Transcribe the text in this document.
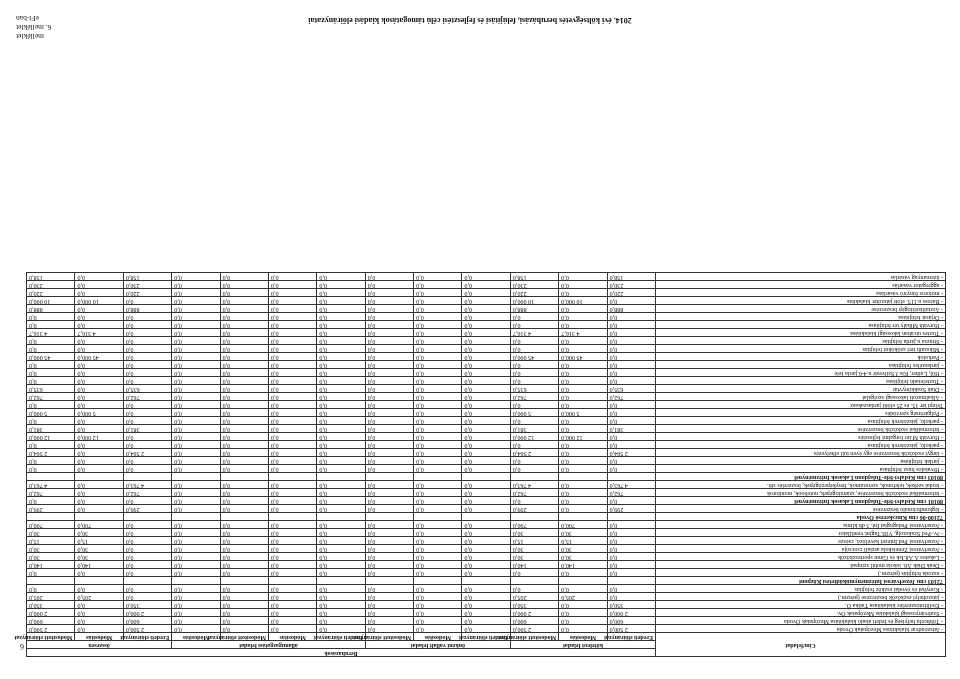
2014. évi költségvetés beruházási, felújítási és fejlesztési célú támogatások kiadási előirányzatai
melléklet
6. melléklet
eFt-ban
6	Cím/feladat	Beruházások												
	kötelező feladat			önként vállalt feladat			államigazgatási feladat				összesen		
	Eredeti előirányzat	Módosítás	Módosított előirányzat	Eredeti előirányzat	Módosítás	Módosított előirányzat	Eredeti előirányzat	Módosítás	Módosított előirányzat	Módosítás	Eredeti előirányzat	Módosítás	Módosított előirányzat
- Játszóudvar kialakítása Mezőpatak Óvoda	2 500,0	0,0	2 500,0	0,0	0,0	0,0	0,0	0,0	0,0	0,0	2 500,0	0,0	2 500,0
- Többcélú helyiség és fedett átadó kialakítása Mezőpatak Óvoda	600,0	0,0	600,0	0,0	0,0	0,0	0,0	0,0	0,0	0,0	600,0	0,0	600,0
- Szabványossági kialakítás Mezőpatak Óv.	2 000,0	0,0	2 000,0	0,0	0,0	0,0	0,0	0,0	0,0	0,0	2 000,0	0,0	2 000,0
- Étellifutószerelés kialakítása Tátika Ó.	350,0	0,0	350,0	0,0	0,0	0,0	0,0	0,0	0,0	0,0	350,0	0,0	350,0
- játszóhelyi eszközök beszerzése (pénzm.)	0,0	205,0	205,0	0,0	0,0	0,0	0,0	0,0	0,0	0,0	0,0	205,0	205,0
- Konyhai és óvodai eszköz felújítás	0,0	0,0	0,0	0,0	0,0	0,0	0,0	0,0	0,0	0,0	0,0	0,0	0,0
72103 cím Józsefvárosi Intézményműködtetési Központ													
- uszoda felújítás (pénzm.)	0,0	0,0	0,0	0,0	0,0	0,0	0,0	0,0	0,0	0,0	0,0	0,0	0,0
- Deák Diák Ált. iskola mobil színpad	0,0	140,0	140,0	0,0	0,0	0,0	0,0	0,0	0,0	0,0	0,0	140,0	140,0
- Lakatos A.Ált.Isk és Gimn sporteszközök	0,0	30,0	30,0	0,0	0,0	0,0	0,0	0,0	0,0	0,0	0,0	30,0	30,0
- Józsefvárosi Zeneiskola asztali csocsója	0,0	30,0	30,0	0,0	0,0	0,0	0,0	0,0	0,0	0,0	0,0	30,0	30,0
- Józsefvárosi Ped.Intézet kávéfőző, csésze	0,0	15,0	15,0	0,0	0,0	0,0	0,0	0,0	0,0	0,0	0,0	15,0	15,0
- Jv.-Ped Szakszolg. VIII.Tagint.ventillátor	0,0	30,0	30,0	0,0	0,0	0,0	0,0	0,0	0,0	0,0	0,0	30,0	30,0
- Józsefvárosi Pedagógiai Int. 3 db klíma	0,0	700,0	700,0	0,0	0,0	0,0	0,0	0,0	0,0	0,0	0,0	700,0	700,0
72100-06 cím Kincskereső Óvoda													
- légkondicionáló beszerzése	299,0	0,0	299,0	0,0	0,0	0,0	0,0	0,0	0,0	0,0	299,0	0,0	299,0
80101 cím Kisfalvi-féle-Tulajdonú Lakások Intézménynél	0,0	0,0	0,0	0,0	0,0	0,0	0,0	0,0	0,0	0,0	0,0	0,0	0,0
- informatikai eszközök beszerzése, számítógépek, notebook, monitorok	762,0	0,0	762,0	0,0	0,0	0,0	0,0	0,0	0,0	0,0	762,0	0,0	762,0
- irodai székek, telefonok, szerszámok, fényképezőgépek, leszerelés stb.	4 763,0	0,0	4 763,0	0,0	0,0	0,0	0,0	0,0	0,0	0,0	4 763,0	0,0	4 763,0
80103 cím Kisfalvi-féle-Tulajdonú Lakások Intézménynél													
- Hivatalos busz felújítása	0,0	0,0	0,0	0,0	0,0	0,0	0,0	0,0	0,0	0,0	0,0	0,0	0,0
- járdák felújítása	0,0	0,0	0,0	0,0	0,0	0,0	0,0	0,0	0,0	0,0	0,0	0,0	0,0
- tárgyi eszközök beszerzése egy éven túli elhelyezés	2 564,0	0,0	2 564,0	0,0	0,0	0,0	0,0	0,0	0,0	0,0	2 564,0	0,0	2 564,0
- parkoló, játszóterek felújítása	0,0	0,0	0,0	0,0	0,0	0,0	0,0	0,0	0,0	0,0	0,0	0,0	0,0
- Horváth M.tér forgalmi fejlesztés	0,0	12 000,0	12 000,0	0,0	0,0	0,0	0,0	0,0	0,0	0,0	0,0	12 000,0	12 000,0
- informatikai eszközök beszerzése	381,0	0,0	381,0	0,0	0,0	0,0	0,0	0,0	0,0	0,0	381,0	0,0	381,0
- parkoló, játszóterek felújítása	0,0	0,0	0,0	0,0	0,0	0,0	0,0	0,0	0,0	0,0	0,0	0,0	0,0
- Polgárőrség szerződés	0,0	5 000,0	5 000,0	0,0	0,0	0,0	0,0	0,0	0,0	0,0	0,0	5 000,0	5 000,0
Telepi tér 15. és 25 előtti járdaszakasz	0,0	0,0	0,0	0,0	0,0	0,0	0,0	0,0	0,0	0,0	0,0	0,0	0,0
- Alkalmazott lakossági szolgálat	762,0	0,0	762,0	0,0	0,0	0,0	0,0	0,0	0,0	0,0	762,0	0,0	762,0
- Diák Szakkönyvtár	635,0	0,0	635,0	0,0	0,0	0,0	0,0	0,0	0,0	0,0	635,0	0,0	635,0
- Tiszteletadó felújítása	0,0	0,0	0,0	0,0	0,0	0,0	0,0	0,0	0,0	0,0	0,0	0,0	0,0
- Höl, Luther, Kis J.Szilvestr u.4-6.járda felé	0,0	0,0	0,0	0,0	0,0	0,0	0,0	0,0	0,0	0,0	0,0	0,0	0,0
- járdaszéles felújítása	0,0	0,0	0,0	0,0	0,0	0,0	0,0	0,0	0,0	0,0	0,0	0,0	0,0
- Parkolók	0,0	45 000,0	45 000,0	0,0	0,0	0,0	0,0	0,0	0,0	0,0	0,0	45 000,0	45 000,0
- Mikszáth téri szökőkút felújítás	0,0	0,0	0,0	0,0	0,0	0,0	0,0	0,0	0,0	0,0	0,0	0,0	0,0
- Strázsa u.járda felújítás	0,0	0,0	0,0	0,0	0,0	0,0	0,0	0,0	0,0	0,0	0,0	0,0	0,0
- Tisztes utcában lakossági kialakítása	0,0	4 316,7	4 316,7	0,0	0,0	0,0	0,0	0,0	0,0	0,0	0,0	4 316,7	4 316,7
- Horváth Mihály tér felújítása	0,0	0,0	0,0	0,0	0,0	0,0	0,0	0,0	0,0	0,0	0,0	0,0	0,0
- Őrjárat felújítása	0,0	0,0	0,0	0,0	0,0	0,0	0,0	0,0	0,0	0,0	0,0	0,0	0,0
- Asztaltisztítógép beszerzése	888,0	0,0	888,0	0,0	0,0	0,0	0,0	0,0	0,0	0,0	888,0	0,0	888,0
- Baross u.115. előtt játszótér kialakítás	0,0	10 000,0	10 000,0	0,0	0,0	0,0	0,0	0,0	0,0	0,0	0,0	10 000,0	10 000,0
- motoros fűnyíró vásárlása	220,0	0,0	220,0	0,0	0,0	0,0	0,0	0,0	0,0	0,0	220,0	0,0	220,0
- aggregátor vásárlás	230,0	0,0	230,0	0,0	0,0	0,0	0,0	0,0	0,0	0,0	230,0	0,0	230,0
- üzemanyag vásárlás	158,0	0,0	158,0	0,0	0,0	0,0	0,0	0,0	0,0	0,0	158,0	0,0	158,0
